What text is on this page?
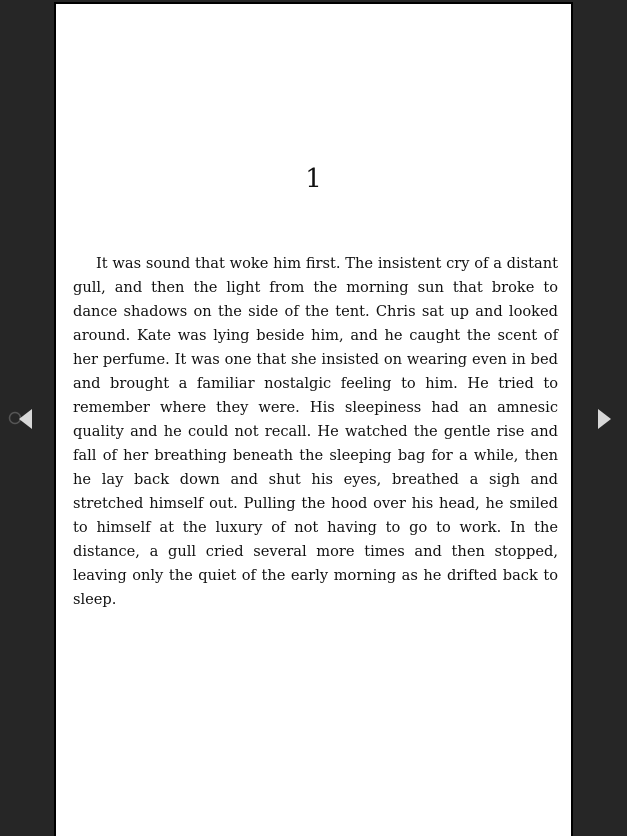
1

It was sound that woke him first. The insistent cry of a distant gull, and then the light from the morning sun that broke to dance shadows on the side of the tent. Chris sat up and looked around. Kate was lying beside him, and he caught the scent of her perfume. It was one that she insisted on wearing even in bed and brought a familiar nostalgic feeling to him. He tried to remember where they were. His sleepiness had an amnesic quality and he could not recall. He watched the gentle rise and fall of her breathing beneath the sleeping bag for a while, then he lay back down and shut his eyes, breathed a sigh and stretched himself out. Pulling the hood over his head, he smiled to himself at the luxury of not having to go to work. In the distance, a gull cried several more times and then stopped, leaving only the quiet of the early morning as he drifted back to sleep.
